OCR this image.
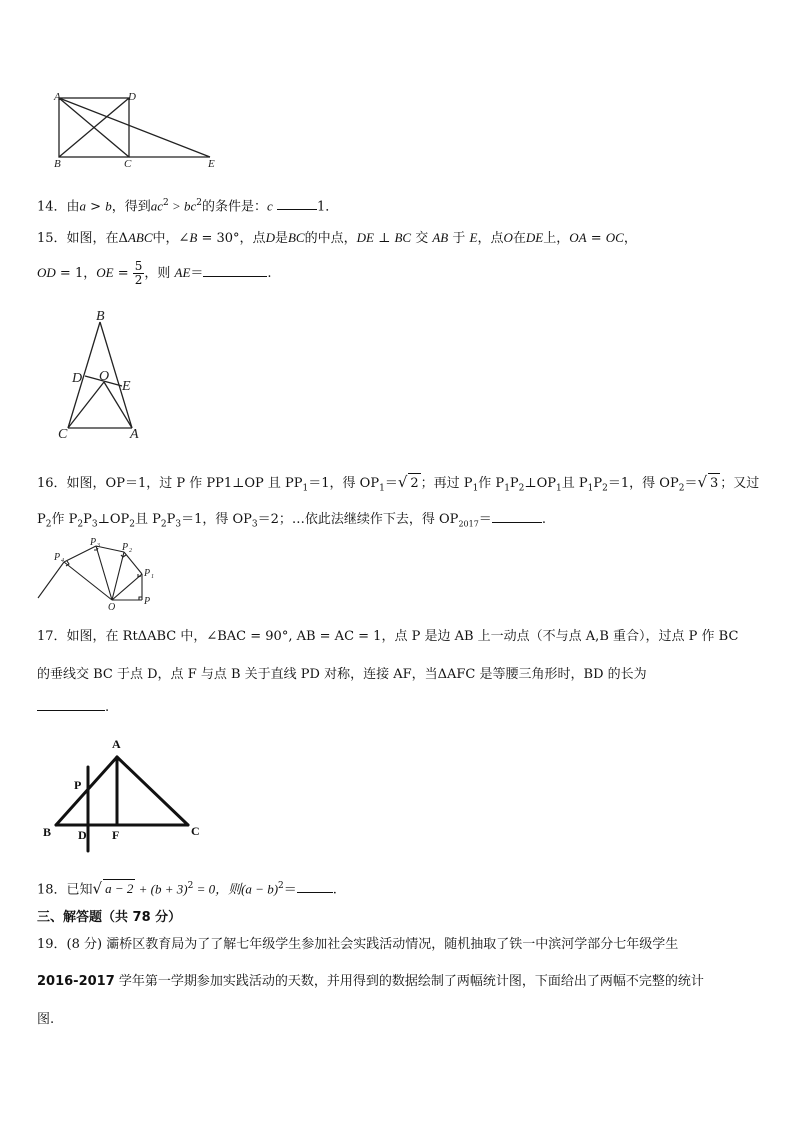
A	D
B	C	E
14．由a > b，得到$ac^2 > bc^2$的条件是：c	1．
15．如图，在ΔABC中，∠B = 30°，点D是BC的中点，DE ⊥ BC 交 AB 于 E，点O在DE上，OA = OC，
OD = 1，OE = $\frac{5}{2}$ ，则 AE＝	.
B
D O
E
C	A
16．如图，OP＝1，过 P 作 PP1⊥OP 且 $PP_1=1$，得 $OP_1=√$ 2 ；再过 $P_1$作 $P_1P_2\perp OP_1$且 $P_1P_2=1$，得 $OP_2=√$ 3 ；又过
$P_2$作 $P_2P_3\perp OP_2$且 $P_2P_3=1$，得 $OP_3=2$；…依此法继续作下去，得 $OP_{2017}=$	.
P 4
P 3 P 2
P 1
P
O
17．如图，在 RtΔABC 中，∠BAC = 90°, AB = AC = 1，点 P 是边 AB 上一动点（不与点 A,B 重合），过点 P 作 BC
的垂线交 BC 于点 D，点 F 与点 B 关于直线 PD 对称，连接 AF，当ΔAFC 是等腰三角形时，BD 的长为
.
A
P
B D F	C
18．已知√ $a - 2 + (b + 3)^2 = 0$，则$(a - b)^2=$	.
三、解答题（共 78 分）
19．(8 分) 灞桥区教育局为了了解七年级学生参加社会实践活动情况，随机抽取了铁一中滨河学部分七年级学生
2016-2017 学年第一学期参加实践活动的天数，并用得到的数据绘制了两幅统计图，下面给出了两幅不完整的统计
图.
